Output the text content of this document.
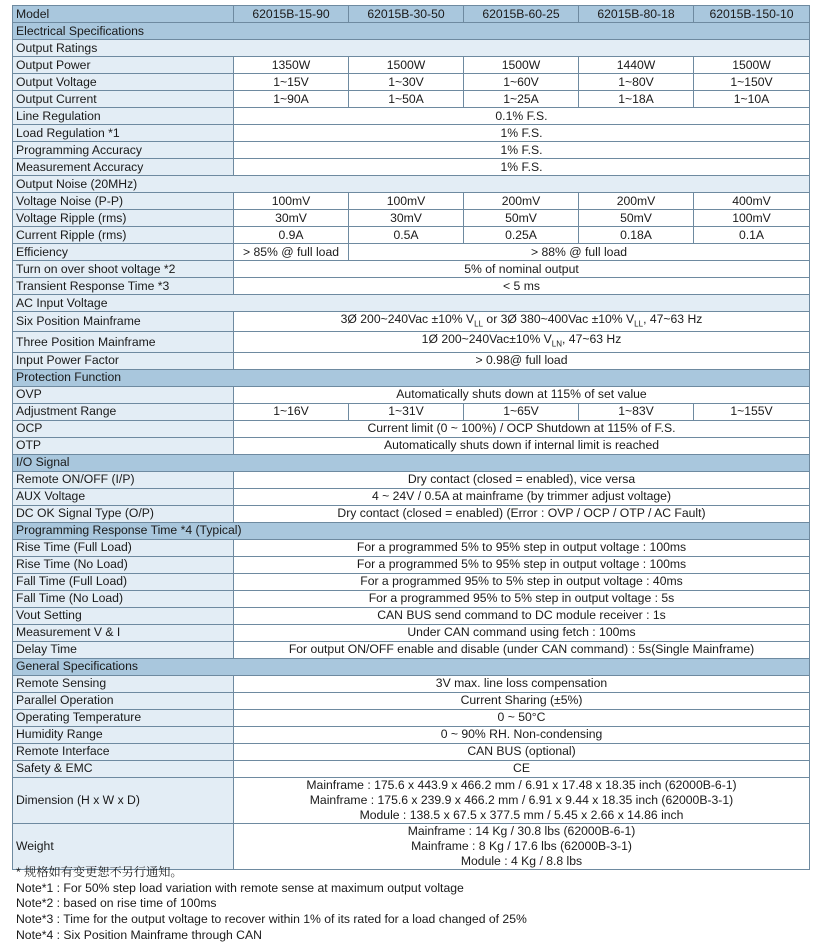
Model	62015B-15-90	62015B-30-50	62015B-60-25	62015B-80-18	62015B-150-10
Electrical Specifications					
Output Ratings					
Output Power	1350W	1500W	1500W	1440W	1500W
Output Voltage	1~15V	1~30V	1~60V	1~80V	1~150V
Output Current	1~90A	1~50A	1~25A	1~18A	1~10A
Line Regulation	0.1% F.S.				
Load Regulation *1	1% F.S.				
Programming Accuracy	1% F.S.				
Measurement Accuracy	1% F.S.				
Output Noise (20MHz)					
Voltage Noise (P-P)	100mV	100mV	200mV	200mV	400mV
Voltage Ripple (rms)	30mV	30mV	50mV	50mV	100mV
Current Ripple (rms)	0.9A	0.5A	0.25A	0.18A	0.1A
Efficiency	> 85% @ full load	> 88% @ full load			
Turn on over shoot voltage *2	5% of nominal output				
Transient Response Time *3	< 5 ms				
AC Input Voltage					
Six Position Mainframe	3Ø 200~240Vac ±10% $V_{LL}$ or 3Ø 380~400Vac ±10% $V_{LL}$, 47~63 Hz				
Three Position Mainframe	1Ø 200~240Vac±10% $V_{LN}$, 47~63 Hz				
Input Power Factor	> 0.98@ full load				
Protection Function					
OVP	Automatically shuts down at 115% of set value				
Adjustment Range	1~16V	1~31V	1~65V	1~83V	1~155V
OCP	Current limit (0 ~ 100%) / OCP Shutdown at 115% of F.S.				
OTP	Automatically shuts down if internal limit is reached				
I/O Signal					
Remote ON/OFF (I/P)	Dry contact (closed = enabled), vice versa				
AUX Voltage	4 ~ 24V / 0.5A at mainframe (by trimmer adjust voltage)				
DC OK Signal Type (O/P)	Dry contact (closed = enabled) (Error : OVP / OCP / OTP / AC Fault)				
Programming Response Time *4 (Typical)					
Rise Time (Full Load)	For a programmed 5% to 95% step in output voltage : 100ms				
Rise Time (No Load)	For a programmed 5% to 95% step in output voltage : 100ms				
Fall Time (Full Load)	For a programmed 95% to 5% step in output voltage : 40ms				
Fall Time (No Load)	For a programmed 95% to 5% step in output voltage : 5s				
Vout Setting	CAN BUS send command to DC module receiver : 1s				
Measurement V & I	Under CAN command using fetch : 100ms				
Delay Time	For output ON/OFF enable and disable (under CAN command) : 5s(Single Mainframe)				
General Specifications					
Remote Sensing	3V max. line loss compensation				
Parallel Operation	Current Sharing (±5%)				
Operating Temperature	0 ~ 50°C				
Humidity Range	0 ~ 90% RH. Non-condensing				
Remote Interface	CAN BUS (optional)				
Safety & EMC	CE				
Dimension (H x W x D)	Mainframe : 175.6 x 443.9 x 466.2 mm / 6.91 x 17.48 x 18.35 inch (62000B-6-1)
Mainframe : 175.6 x 239.9 x 466.2 mm / 6.91 x 9.44 x 18.35 inch (62000B-3-1)
Module : 138.5 x 67.5 x 377.5 mm / 5.45 x 2.66 x 14.86 inch				

Weight	Mainframe : 14 Kg / 30.8 lbs (62000B-6-1)
Mainframe : 8 Kg / 17.6 lbs (62000B-3-1)
Module : 4 Kg / 8.8 lbs				
* 规格如有变更恕不另行通知。
Note*1 : For 50% step load variation with remote sense at maximum output voltage
Note*2 : based on rise time of 100ms
Note*3 : Time for the output voltage to recover within 1% of its rated for a load changed of 25%
Note*4 : Six Position Mainframe through CAN
